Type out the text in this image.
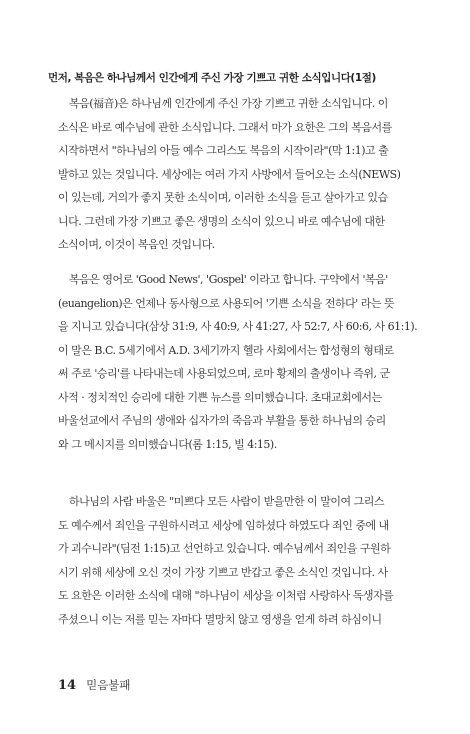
먼저, 복음은 하나님께서 인간에게 주신 가장 기쁘고 귀한 소식입니다(1절)
복음(福音)은 하나님께 인간에게 주신 가장 기쁘고 귀한 소식입니다. 이
소식은 바로 예수님에 관한 소식입니다. 그래서 마가 요한은 그의 복음서를
시작하면서 "하나님의 아들 예수 그리스도 복음의 시작이라"(막 1:1)고 출
발하고 있는 것입니다. 세상에는 여러 가지 사방에서 들어오는 소식(NEWS)
이 있는데, 거의가 좋지 못한 소식이며, 이러한 소식을 듣고 살아가고 있습
니다. 그런데 가장 기쁘고 좋은 생명의 소식이 있으니 바로 예수님에 대한
소식이며, 이것이 복음인 것입니다.
복음은 영어로 'Good News', 'Gospel' 이라고 합니다. 구약에서 '복음'
(euangelion)은 언제나 동사형으로 사용되어 '기쁜 소식을 전하다' 라는 뜻
을 지니고 있습니다(삼상 31:9, 사 40:9, 사 41:27, 사 52:7, 사 60:6, 사 61:1).
이 말은 B.C. 5세기에서 A.D. 3세기까지 헬라 사회에서는 합성형의 형태로
써 주로 '승리'를 나타내는데 사용되었으며, 로마 황제의 출생이나 즉위, 군
사적 · 정치적인 승리에 대한 기쁜 뉴스를 의미했습니다. 초대교회에서는
바울선교에서 주님의 생애와 십자가의 죽음과 부활을 통한 하나님의 승리
와 그 메시지를 의미했습니다(롬 1:15, 빌 4:15).
하나님의 사람 바울은 "미쁘다 모든 사람이 받을만한 이 말이여 그리스
도 예수께서 죄인을 구원하시려고 세상에 임하셨다 하였도다 죄인 중에 내
가 괴수니라"(딤전 1:15)고 선언하고 있습니다. 예수님께서 죄인을 구원하
시기 위해 세상에 오신 것이 가장 기쁘고 반갑고 좋은 소식인 것입니다. 사
도 요한은 이러한 소식에 대해 "하나님이 세상을 이처럼 사랑하사 독생자를
주셨으니 이는 저를 믿는 자마다 멸망치 않고 영생을 얻게 하려 하심이니
14 믿음불패
